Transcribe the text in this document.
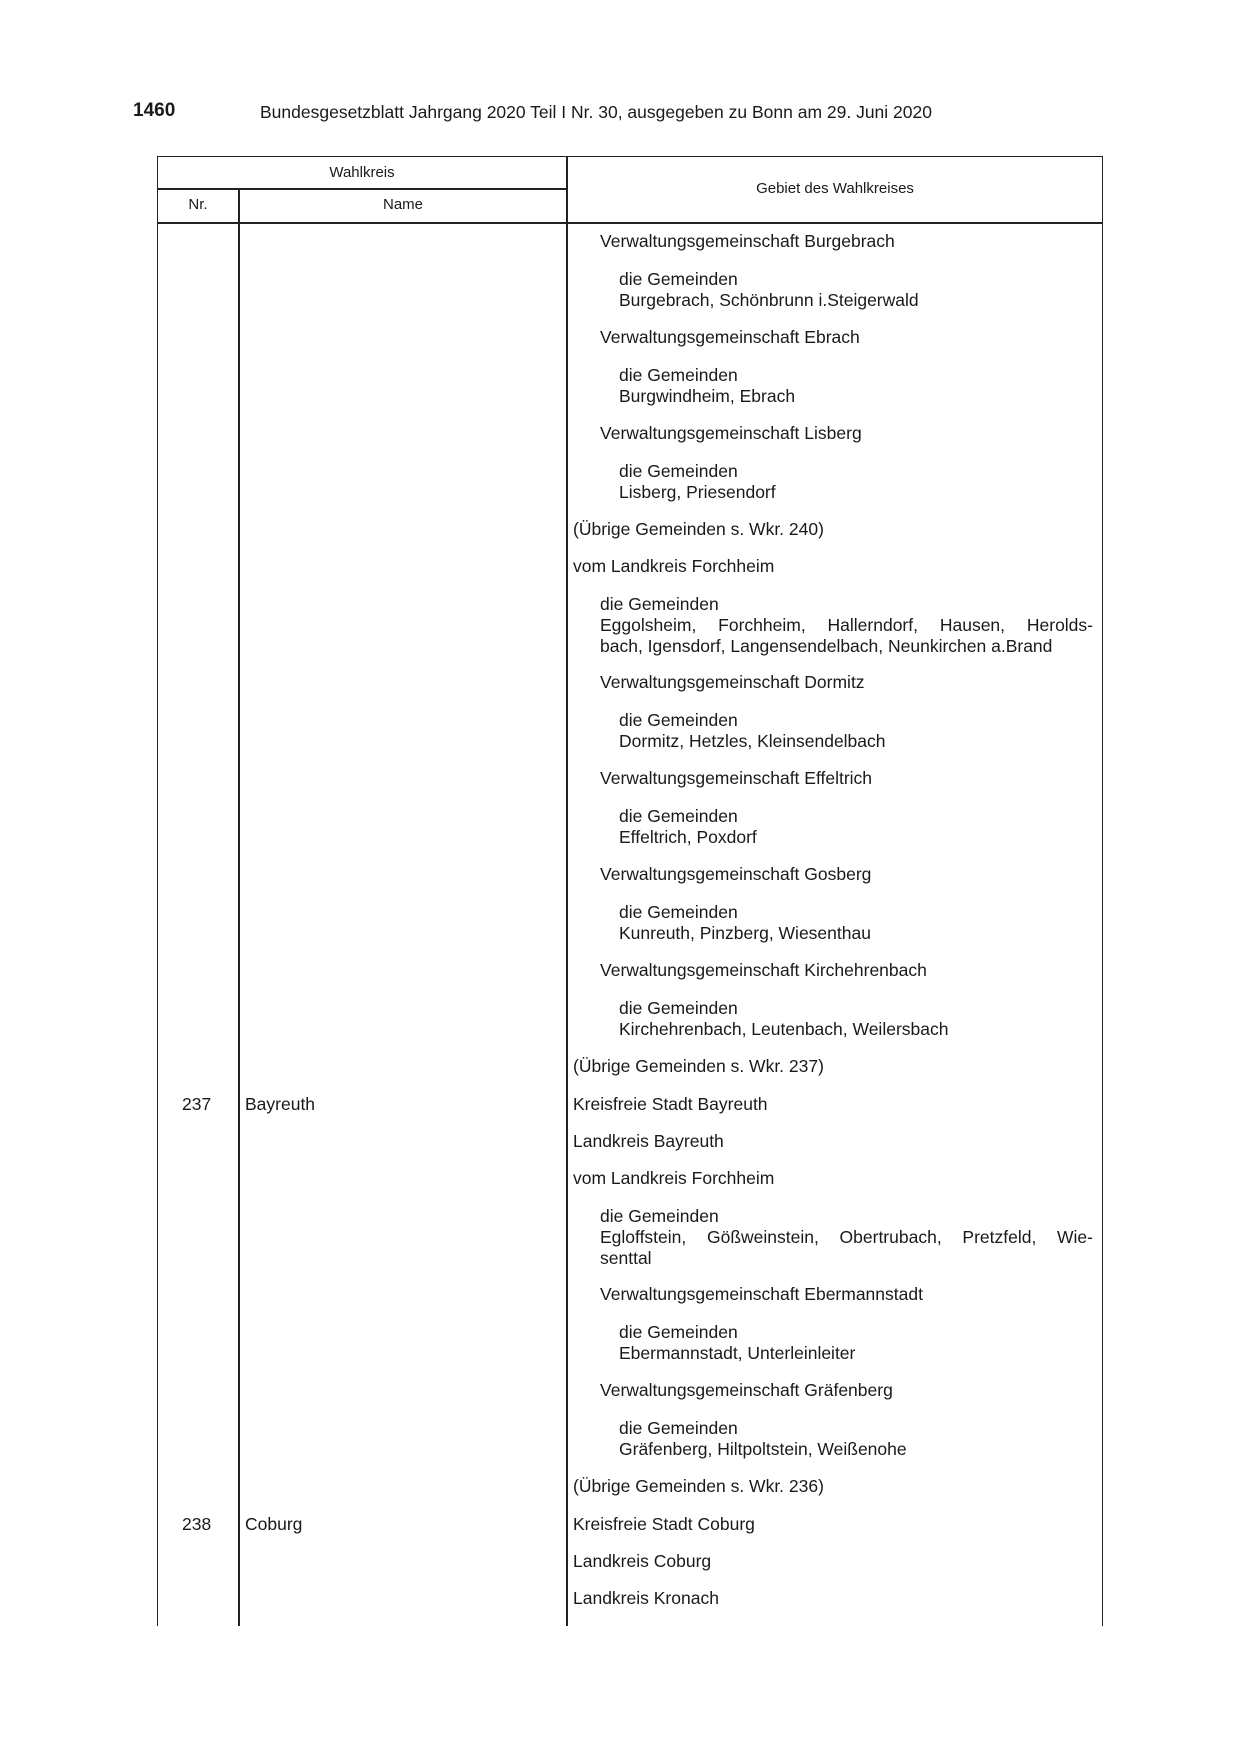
1460	Bundesgesetzblatt Jahrgang 2020 Teil I Nr. 30, ausgegeben zu Bonn am 29. Juni 2020
Wahlkreis
Nr.	Name
Gebiet des Wahlkreises
Verwaltungsgemeinschaft Burgebrach
die Gemeinden
Burgebrach, Schönbrunn i.Steigerwald
Verwaltungsgemeinschaft Ebrach
die Gemeinden
Burgwindheim, Ebrach
Verwaltungsgemeinschaft Lisberg
die Gemeinden
Lisberg, Priesendorf
(Übrige Gemeinden s. Wkr. 240)
vom Landkreis Forchheim
die Gemeinden
Eggolsheim, Forchheim, Hallerndorf, Hausen, Herolds-
bach, Igensdorf, Langensendelbach, Neunkirchen a.Brand
Verwaltungsgemeinschaft Dormitz
die Gemeinden
Dormitz, Hetzles, Kleinsendelbach
Verwaltungsgemeinschaft Effeltrich
die Gemeinden
Effeltrich, Poxdorf
Verwaltungsgemeinschaft Gosberg
die Gemeinden
Kunreuth, Pinzberg, Wiesenthau
Verwaltungsgemeinschaft Kirchehrenbach
die Gemeinden
Kirchehrenbach, Leutenbach, Weilersbach
(Übrige Gemeinden s. Wkr. 237)
237 Bayreuth	Kreisfreie Stadt Bayreuth
Landkreis Bayreuth
vom Landkreis Forchheim
die Gemeinden
Egloffstein, Gößweinstein, Obertrubach, Pretzfeld, Wie-
senttal
Verwaltungsgemeinschaft Ebermannstadt
die Gemeinden
Ebermannstadt, Unterleinleiter
Verwaltungsgemeinschaft Gräfenberg
die Gemeinden
Gräfenberg, Hiltpoltstein, Weißenohe
(Übrige Gemeinden s. Wkr. 236)
238 Coburg	Kreisfreie Stadt Coburg
Landkreis Coburg
Landkreis Kronach
